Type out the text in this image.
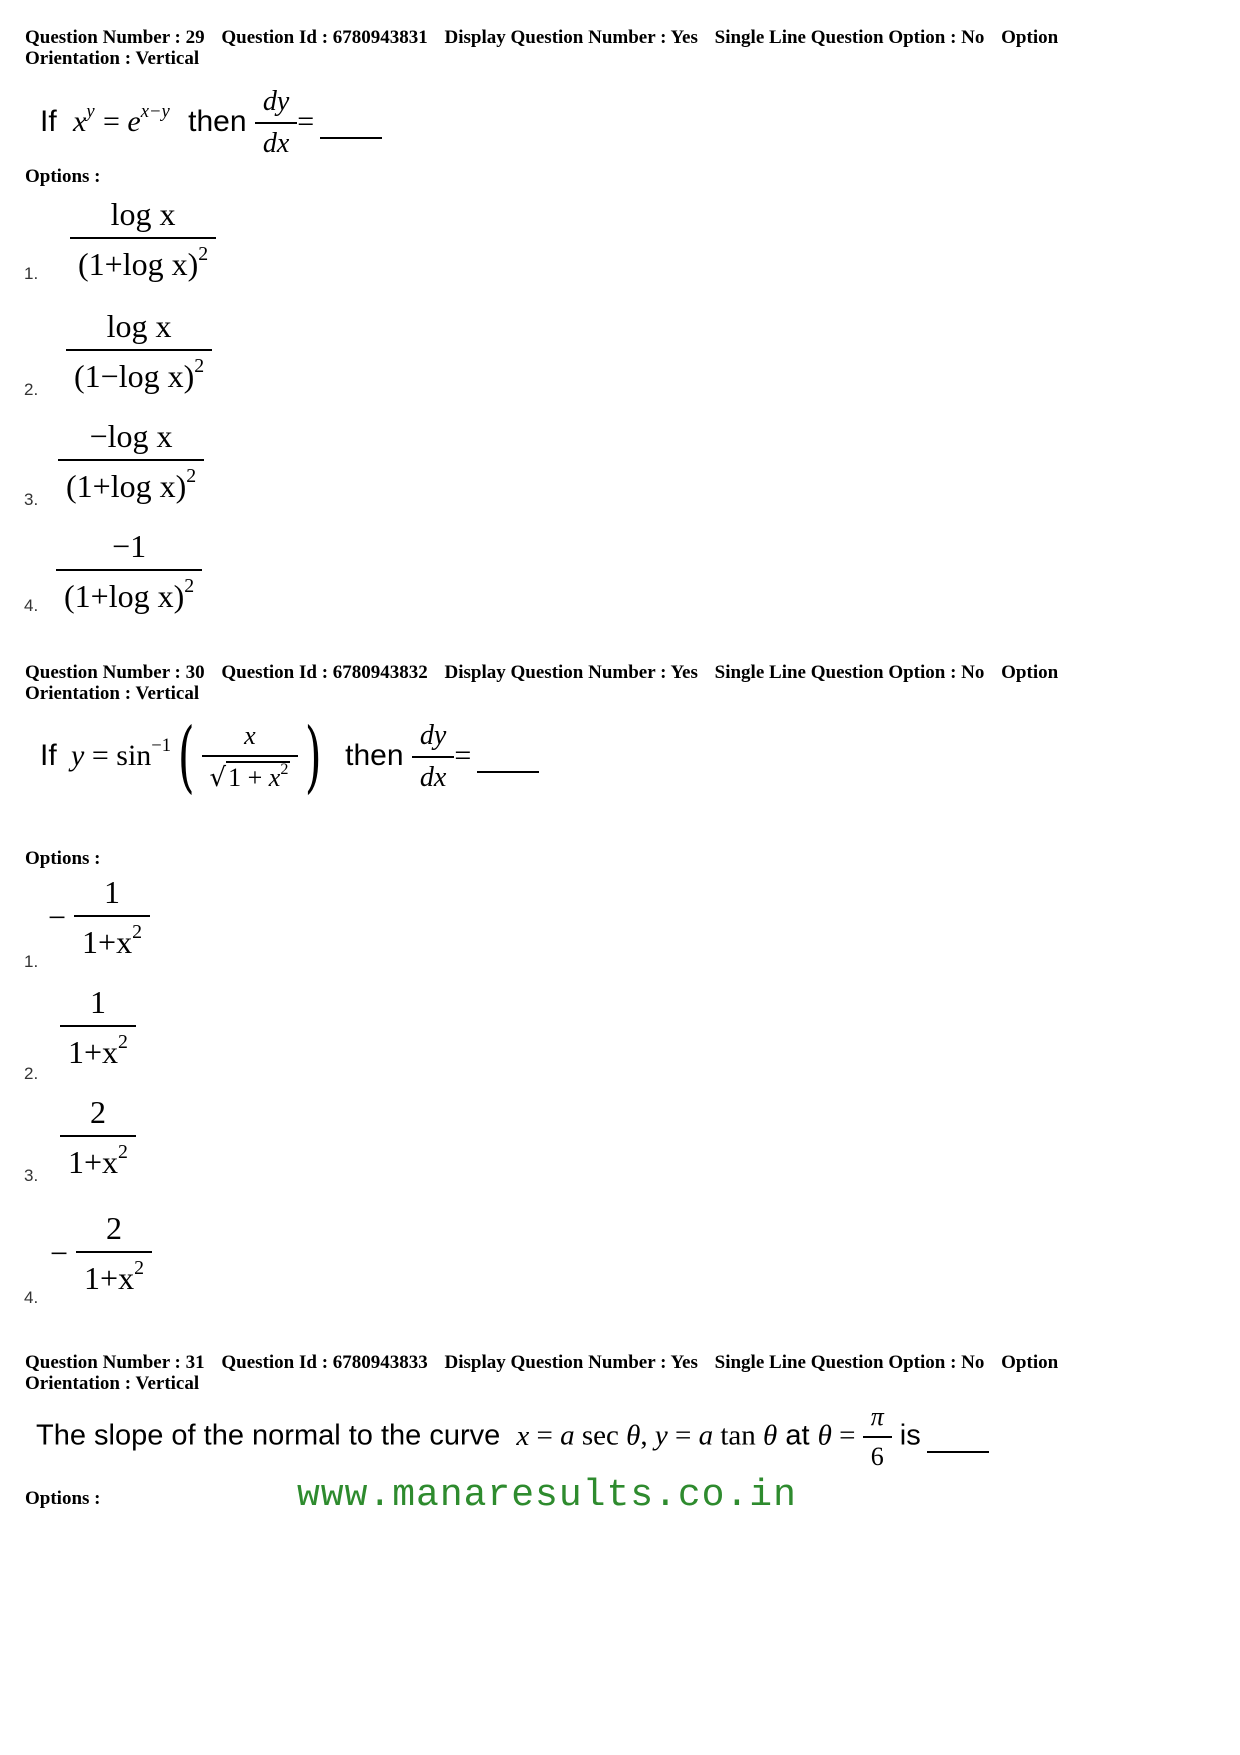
Question Number : 29 Question Id : 6780943831 Display Question Number : Yes Single Line Question Option : No Option
Orientation : Vertical
If $x^y = e^{x-y}$ then $\frac{dy}{dx}$ =
Options :
$\frac{\text{log x}}{(1+\log x)^2}$
1.
$\frac{\text{log x}}{(1-\log x)^2}$
2.
$\frac{\text{−log x}}{(1+\log x)^2}$
3.
$\frac{-1}{(1+\log x)^2}$
4.
Question Number : 30 Question Id : 6780943832 Display Question Number : Yes Single Line Question Option : No Option
Orientation : Vertical
If $y = \sin^{-1}( \frac{x}{√1 + x^2}$ ) then $\frac{dy}{dx}$ =
Options :
− $\frac{1}{1+x^2}$
1.
$\frac{1}{1+x^2}$
2.
$\frac{2}{1+x^2}$
3.
− $\frac{2}{1+x^2}$
4.
Question Number : 31 Question Id : 6780943833 Display Question Number : Yes Single Line Question Option : No Option
Orientation : Vertical
The slope of the normal to the curve x = a sec θ, y = a tan θ at $\theta = \frac{\pi}{6}$ is
Options :	www.manaresults.co.in
